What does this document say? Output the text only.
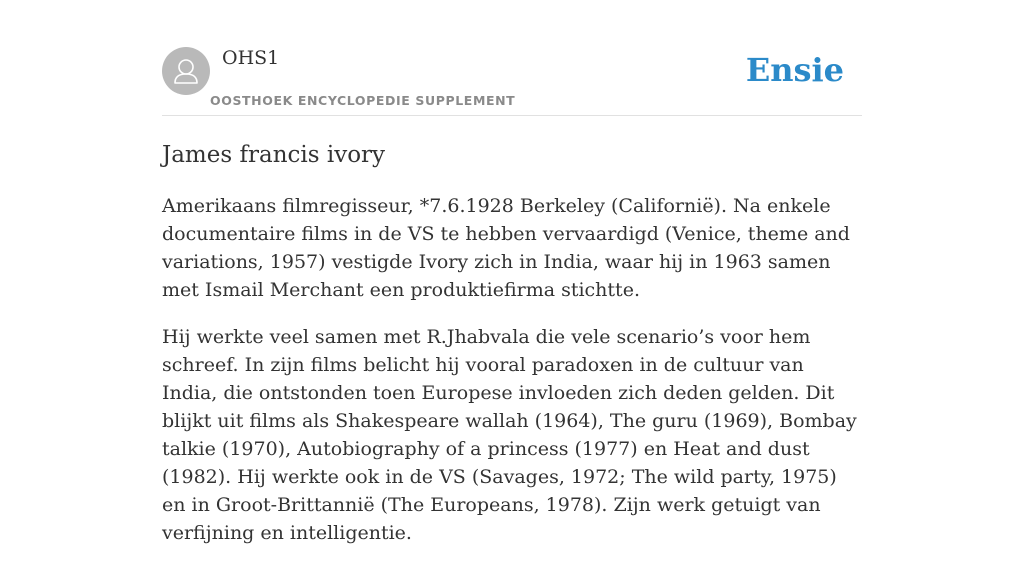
OHS1
OOSTHOEK ENCYCLOPEDIE SUPPLEMENT
Ensie
James francis ivory

Amerikaans filmregisseur, *7.6.1928 Berkeley (Californië). Na enkele documentaire films in de VS te hebben vervaardigd (Venice, theme and variations, 1957) vestigde Ivory zich in India, waar hij in 1963 samen met Ismail Merchant een produktiefirma stichtte.

Hij werkte veel samen met R.Jhabvala die vele scenario’s voor hem schreef. In zijn films belicht hij vooral paradoxen in de cultuur van India, die ontstonden toen Europese invloeden zich deden gelden. Dit blijkt uit films als Shakespeare wallah (1964), The guru (1969), Bombay talkie (1970), Autobiography of a princess (1977) en Heat and dust (1982). Hij werkte ook in de VS (Savages, 1972; The wild party, 1975) en in Groot-Brittannië (The Europeans, 1978). Zijn werk getuigt van verfijning en intelligentie.
